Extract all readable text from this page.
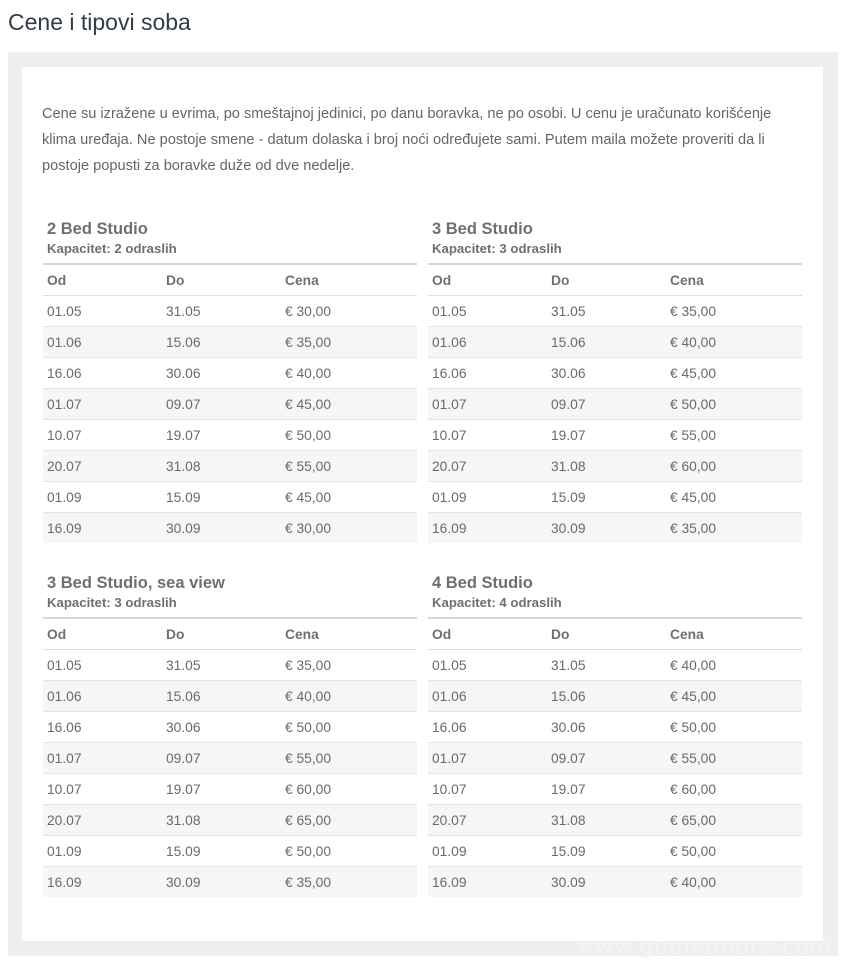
Cene i tipovi soba

Cene su izražene u evrima, po smeštajnoj jedinici, po danu boravka, ne po osobi. U cenu je uračunato korišćenje klima uređaja. Ne postoje smene - datum dolaska i broj noći određujete sami. Putem maila možete proveriti da li postoje popusti za boravke duže od dve nedelje.

2 Bed Studio
Kapacitet: 2 odraslih
Od	Do	Cena
01.05	31.05	€ 30,00
01.06	15.06	€ 35,00
16.06	30.06	€ 40,00
01.07	09.07	€ 45,00
10.07	19.07	€ 50,00
20.07	31.08	€ 55,00
01.09	15.09	€ 45,00
16.09	30.09	€ 30,00
3 Bed Studio
Kapacitet: 3 odraslih
Od	Do	Cena
01.05	31.05	€ 35,00
01.06	15.06	€ 40,00
16.06	30.06	€ 45,00
01.07	09.07	€ 50,00
10.07	19.07	€ 55,00
20.07	31.08	€ 60,00
01.09	15.09	€ 45,00
16.09	30.09	€ 35,00
3 Bed Studio, sea view
Kapacitet: 3 odraslih
Od	Do	Cena
01.05	31.05	€ 35,00
01.06	15.06	€ 40,00
16.06	30.06	€ 50,00
01.07	09.07	€ 55,00
10.07	19.07	€ 60,00
20.07	31.08	€ 65,00
01.09	15.09	€ 50,00
16.09	30.09	€ 35,00
4 Bed Studio
Kapacitet: 4 odraslih
Od	Do	Cena
01.05	31.05	€ 40,00
01.06	15.06	€ 45,00
16.06	30.06	€ 50,00
01.07	09.07	€ 55,00
10.07	19.07	€ 60,00
20.07	31.08	€ 65,00
01.09	15.09	€ 50,00
16.09	30.09	€ 40,00
www.guenamore.com
